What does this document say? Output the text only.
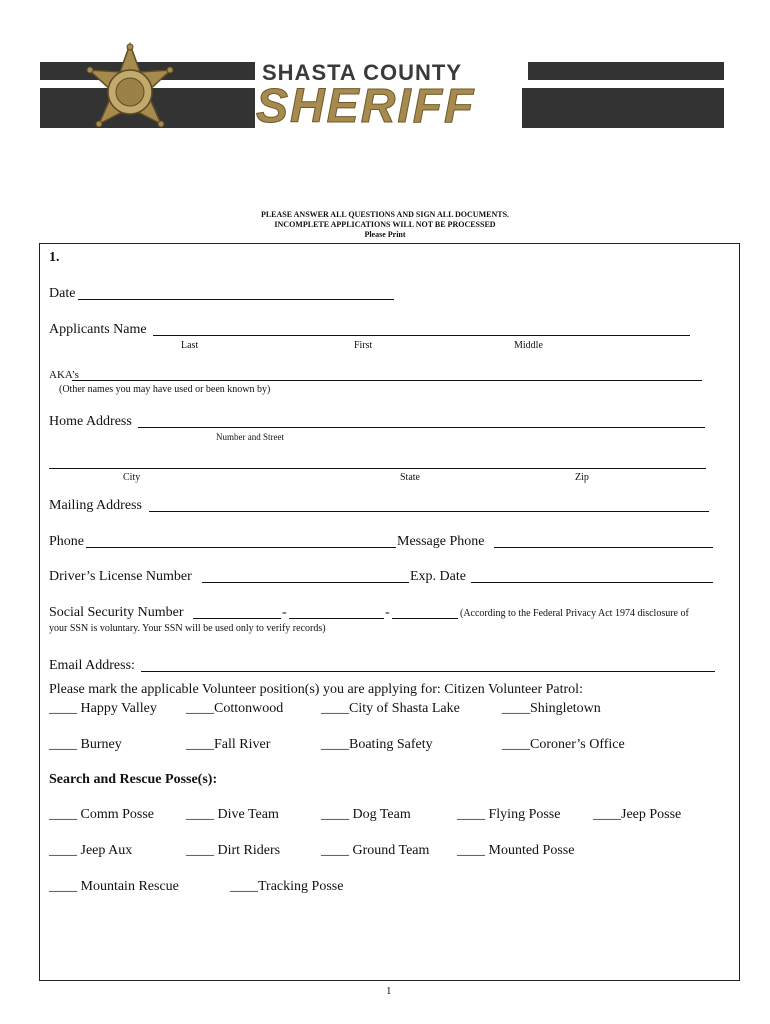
SHASTA COUNTY
SHERIFF
PLEASE ANSWER ALL QUESTIONS AND SIGN ALL DOCUMENTS.
INCOMPLETE APPLICATIONS WILL NOT BE PROCESSED
Please Print
1.
Date
Applicants Name
Last	First	Middle
AKA’s
(Other names you may have used or been known by)
Home Address
Number and Street
City	State	Zip
Mailing Address
Phone	Message Phone
Driver’s License Number	Exp. Date
Social Security Number	-	-	(According to the Federal Privacy Act 1974 disclosure of
your SSN is voluntary. Your SSN will be used only to verify records)
Email Address:
Please mark the applicable Volunteer position(s) you are applying for: Citizen Volunteer Patrol:
____ Happy Valley ____Cottonwood	____City of Shasta Lake	____Shingletown
____ Burney	____Fall River	____Boating Safety	____Coroner’s Office
Search and Rescue Posse(s):
____ Comm Posse ____ Dive Team	____ Dog Team	____ Flying Posse ____Jeep Posse
____ Jeep Aux	____ Dirt Riders	____ Ground Team ____ Mounted Posse
____ Mountain Rescue	____Tracking Posse
1
